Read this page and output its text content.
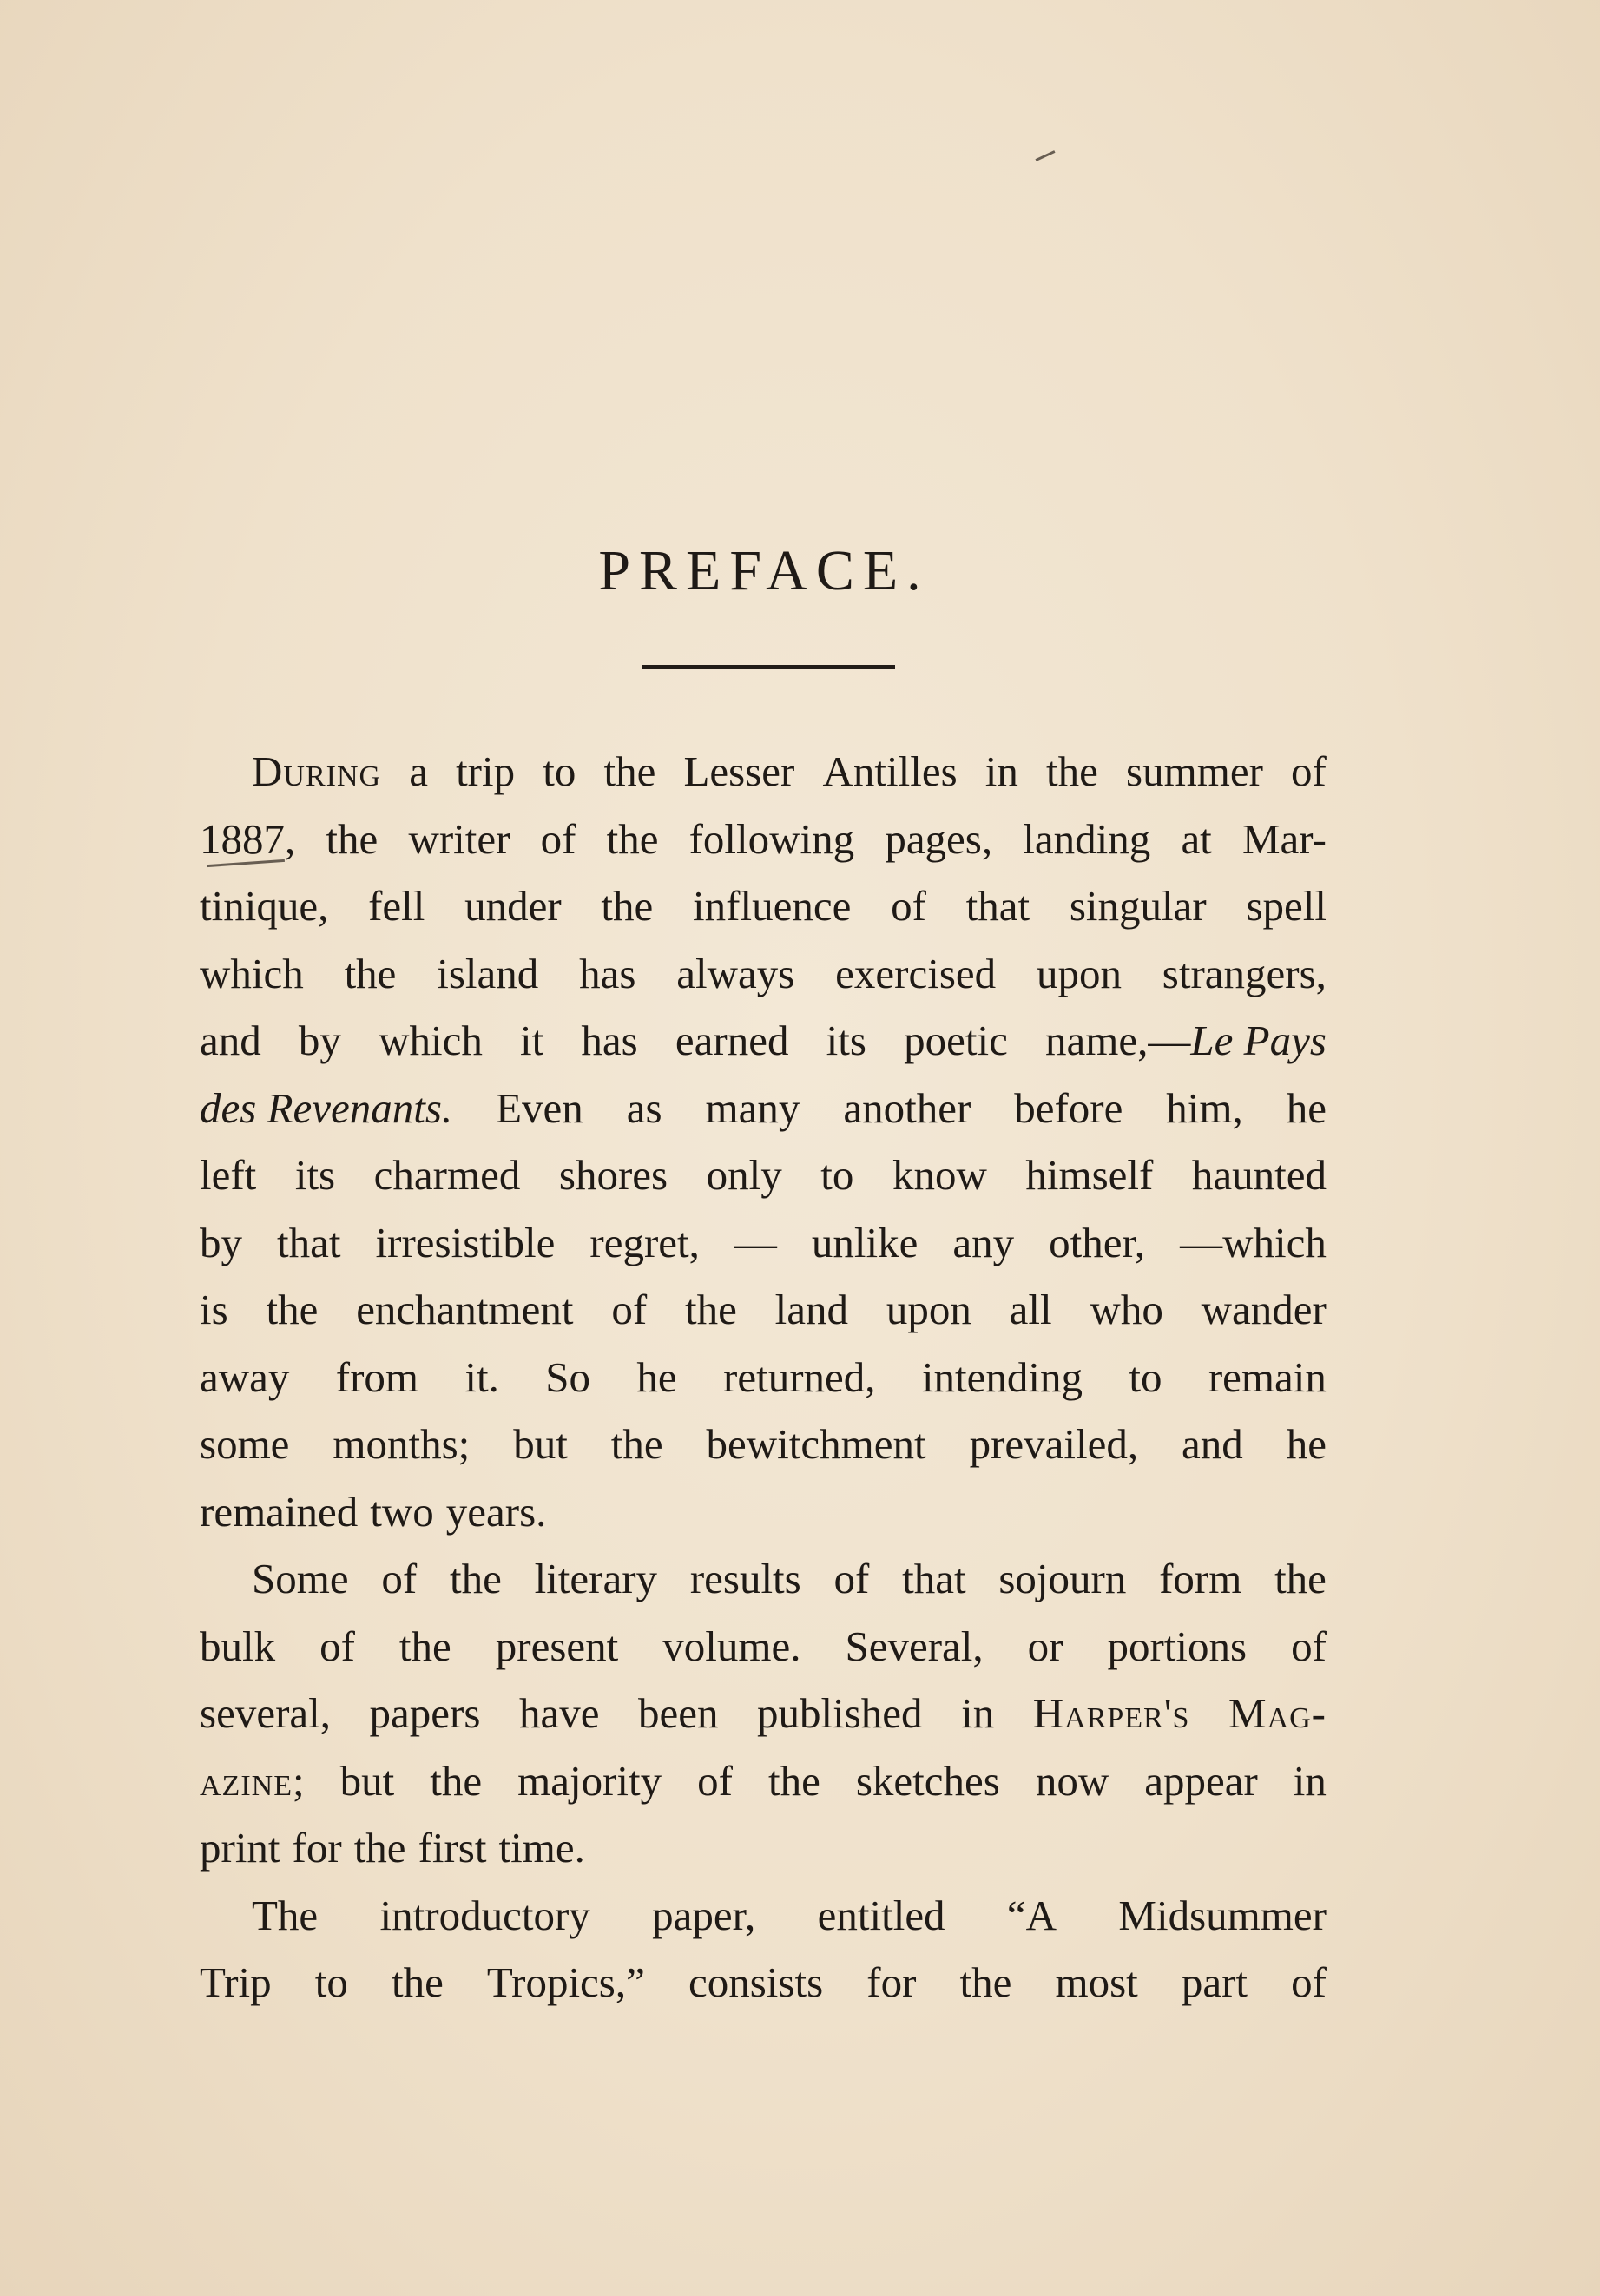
PREFACE.
During a trip to the Lesser Antilles in the summer of
1887, the writer of the following pages, landing at Mar-
tinique, fell under the influence of that singular spell
which the island has always exercised upon strangers,
and by which it has earned its poetic name,—Le Pays
des Revenants. Even as many another before him, he
left its charmed shores only to know himself haunted
by that irresistible regret, — unlike any other, —which
is the enchantment of the land upon all who wander
away from it. So he returned, intending to remain
some months; but the bewitchment prevailed, and he
remained two years.
Some of the literary results of that sojourn form the
bulk of the present volume. Several, or portions of
several, papers have been published in Harper's Mag-
azine; but the majority of the sketches now appear in
print for the first time.
The introductory paper, entitled “A Midsummer
Trip to the Tropics,” consists for the most part of
